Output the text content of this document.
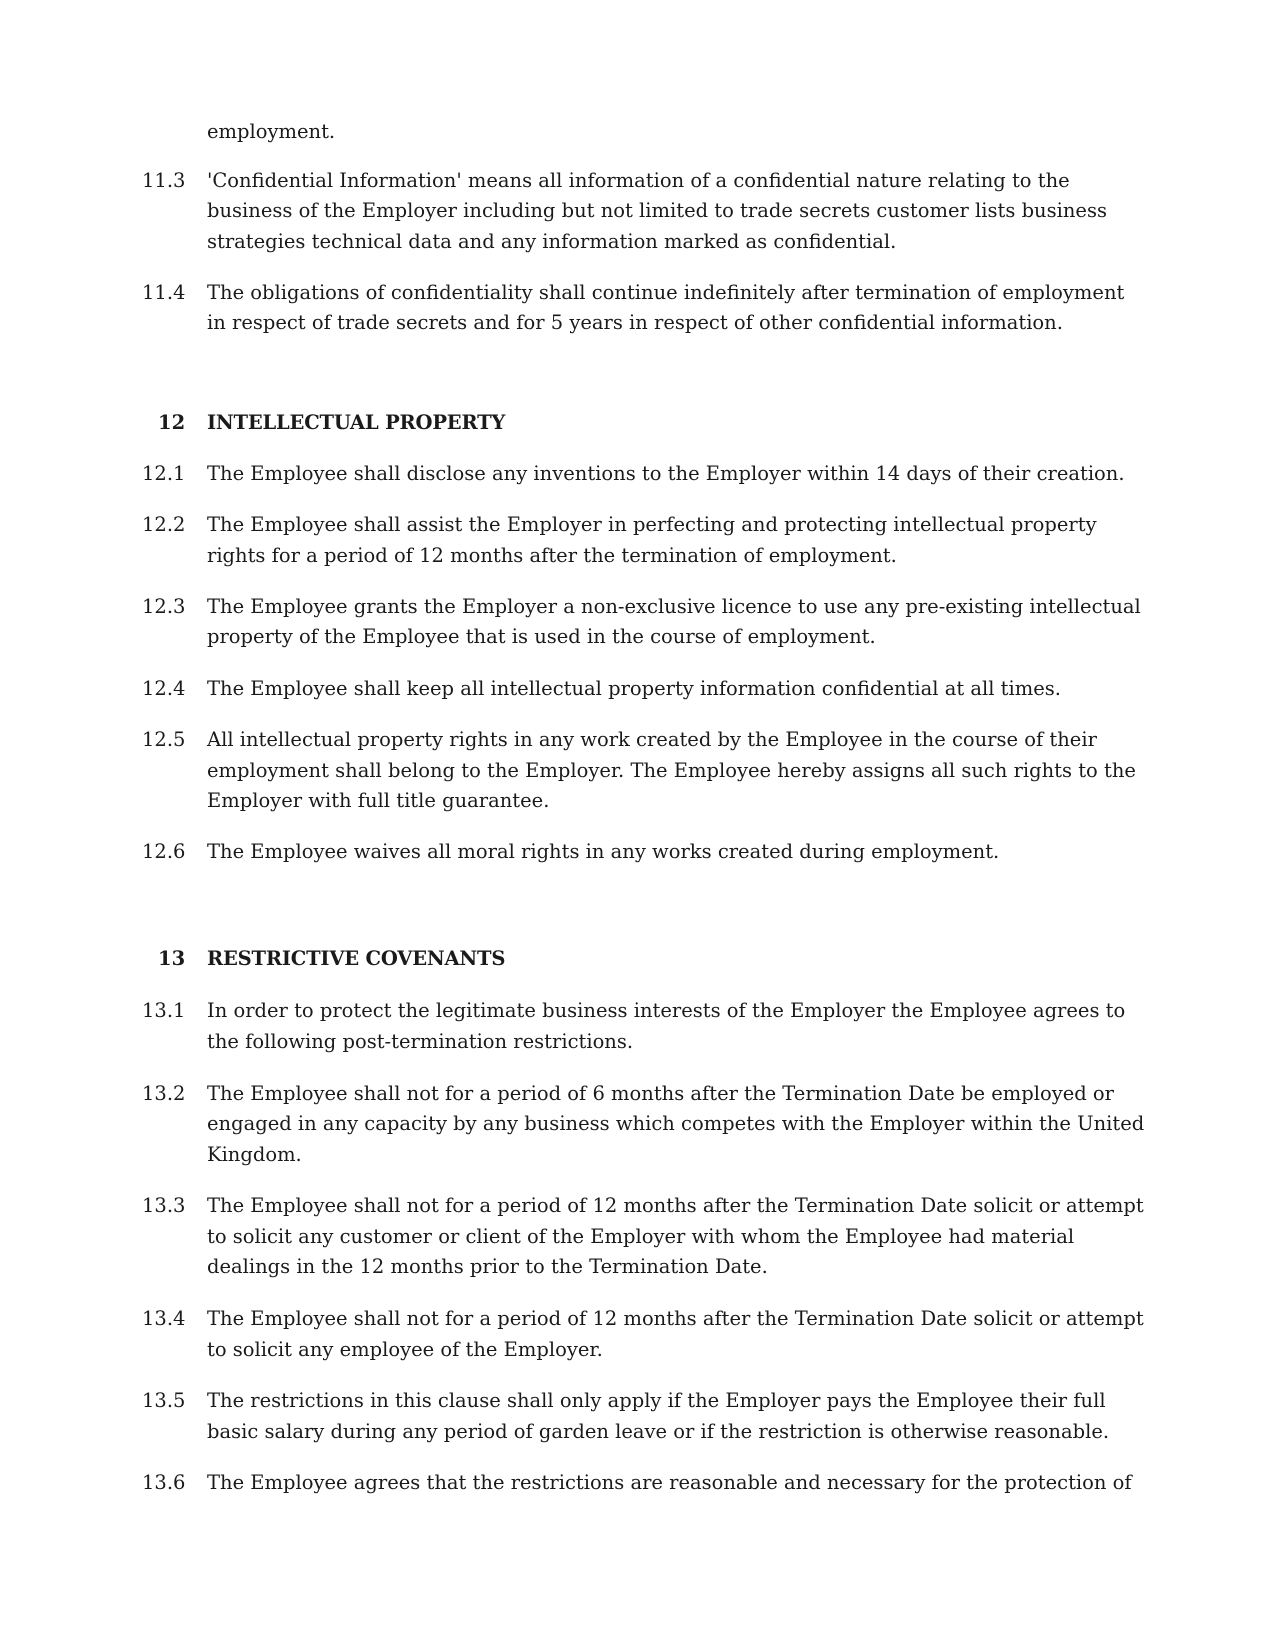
employment.
11.3 'Confidential Information' means all information of a confidential nature relating to the
business of the Employer including but not limited to trade secrets customer lists business
strategies technical data and any information marked as confidential.
11.4 The obligations of confidentiality shall continue indefinitely after termination of employment
in respect of trade secrets and for 5 years in respect of other confidential information.
12 INTELLECTUAL PROPERTY
12.1 The Employee shall disclose any inventions to the Employer within 14 days of their creation.
12.2 The Employee shall assist the Employer in perfecting and protecting intellectual property
rights for a period of 12 months after the termination of employment.
12.3 The Employee grants the Employer a non-exclusive licence to use any pre-existing intellectual
property of the Employee that is used in the course of employment.
12.4 The Employee shall keep all intellectual property information confidential at all times.
12.5 All intellectual property rights in any work created by the Employee in the course of their
employment shall belong to the Employer. The Employee hereby assigns all such rights to the
Employer with full title guarantee.
12.6 The Employee waives all moral rights in any works created during employment.
13 RESTRICTIVE COVENANTS
13.1 In order to protect the legitimate business interests of the Employer the Employee agrees to
the following post-termination restrictions.
13.2 The Employee shall not for a period of 6 months after the Termination Date be employed or
engaged in any capacity by any business which competes with the Employer within the United
Kingdom.
13.3 The Employee shall not for a period of 12 months after the Termination Date solicit or attempt
to solicit any customer or client of the Employer with whom the Employee had material
dealings in the 12 months prior to the Termination Date.
13.4 The Employee shall not for a period of 12 months after the Termination Date solicit or attempt
to solicit any employee of the Employer.
13.5 The restrictions in this clause shall only apply if the Employer pays the Employee their full
basic salary during any period of garden leave or if the restriction is otherwise reasonable.
13.6 The Employee agrees that the restrictions are reasonable and necessary for the protection of
